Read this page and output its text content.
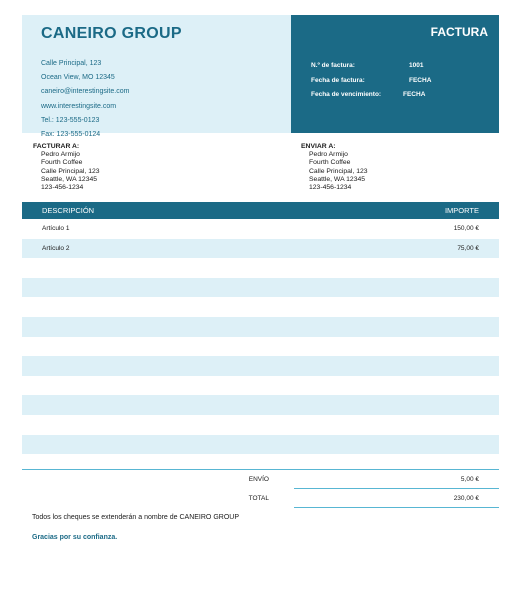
CANEIRO GROUP
Calle Principal, 123
Ocean View, MO 12345
caneiro@interestingsite.com
www.interestingsite.com
Tel.: 123-555-0123
Fax: 123-555-0124
FACTURA
N.º de factura:	1001
Fecha de factura:	FECHA
Fecha de vencimiento:	FECHA
FACTURAR A:
Pedro Armijo
Fourth Coffee
Calle Principal, 123
Seattle, WA 12345
123-456-1234
ENVIAR A:
Pedro Armijo
Fourth Coffee
Calle Principal, 123
Seattle, WA 12345
123-456-1234
DESCRIPCIÓN	IMPORTE
Artículo 1	150,00 €
Artículo 2	75,00 €
ENVÍO	5,00 €
TOTAL	230,00 €
Todos los cheques se extenderán a nombre de CANEIRO GROUP
Gracias por su confianza.
